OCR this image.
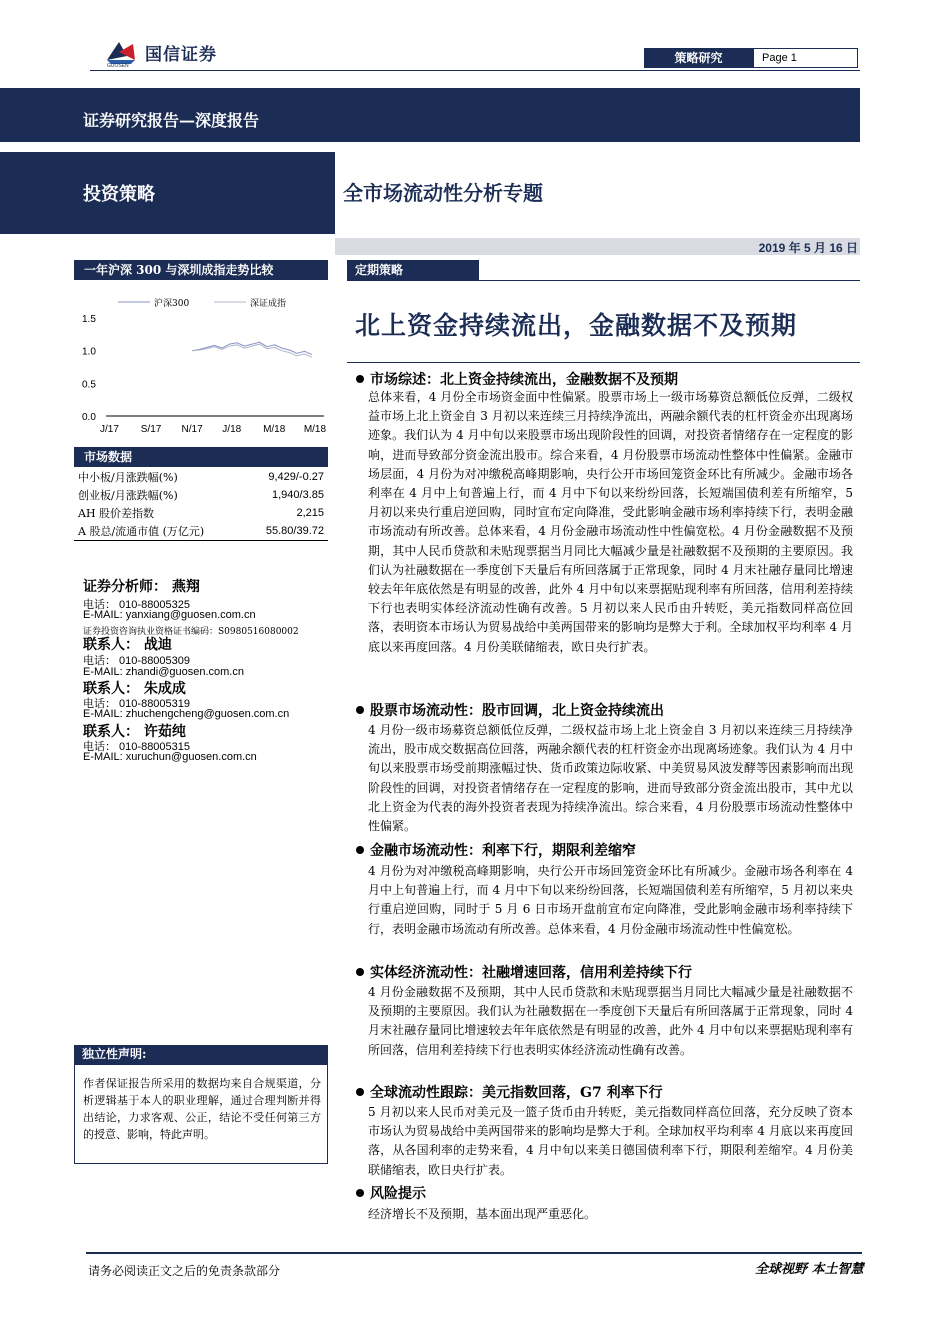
国信证券
GUOSEN
策略研究	Page 1
证券研究报告—深度报告
投资策略	全市场流动性分析专题
2019 年 5 月 16 日
一年沪深 300 与深圳成指走势比较
沪深300	深证成指
0.0
0.5
1.0
1.5
J/17 S/17 N/17 J/18 M/18 M/18
市场数据
中小板/月涨跌幅(%)	9,429/-0.27
创业板/月涨跌幅(%)	1,940/3.85
AH 股价差指数	2,215
A 股总/流通市值 (万亿元)	55.80/39.72
证券分析师： 燕翔
电话： 010-88005325
E-MAIL: yanxiang@guosen.com.cn
证券投资咨询执业资格证书编码：S0980516080002
联系人： 战迪
电话： 010-88005309
E-MAIL: zhandi@guosen.com.cn
联系人： 朱成成
电话： 010-88005319
E-MAIL: zhuchengcheng@guosen.com.cn
联系人： 许茹纯
电话： 010-88005315
E-MAIL: xuruchun@guosen.com.cn
独立性声明:
作者保证报告所采用的数据均来自合规渠道，分析逻辑基于本人的职业理解，通过合理判断并得出结论，力求客观、公正，结论不受任何第三方的授意、影响，特此声明。
定期策略
北上资金持续流出，金融数据不及预期
市场综述：北上资金持续流出，金融数据不及预期
总体来看，4 月份全市场资金面中性偏紧。股票市场上一级市场募资总额低位反弹，二级权益市场上北上资金自 3 月初以来连续三月持续净流出，两融余额代表的杠杆资金亦出现离场迹象。我们认为 4 月中旬以来股票市场出现阶段性的回调，对投资者情绪存在一定程度的影响，进而导致部分资金流出股市。综合来看，4 月份股票市场流动性整体中性偏紧。金融市场层面，4 月份为对冲缴税高峰期影响，央行公开市场回笼资金环比有所减少。金融市场各利率在 4 月中上旬普遍上行，而 4 月中下旬以来纷纷回落，长短端国债利差有所缩窄，5 月初以来央行重启逆回购，同时宣布定向降准，受此影响金融市场利率持续下行，表明金融市场流动有所改善。总体来看，4 月份金融市场流动性中性偏宽松。4 月份金融数据不及预期，其中人民币贷款和未贴现票据当月同比大幅减少量是社融数据不及预期的主要原因。我们认为社融数据在一季度创下天量后有所回落属于正常现象，同时 4 月末社融存量同比增速较去年年底依然是有明显的改善，此外 4 月中旬以来票据贴现利率有所回落，信用利差持续下行也表明实体经济流动性确有改善。5 月初以来人民币由升转贬，美元指数同样高位回落，表明资本市场认为贸易战给中美两国带来的影响均是弊大于利。全球加权平均利率 4 月底以来再度回落。4 月份美联储缩表，欧日央行扩表。
股票市场流动性：股市回调，北上资金持续流出
4 月份一级市场募资总额低位反弹，二级权益市场上北上资金自 3 月初以来连续三月持续净流出，股市成交数据高位回落，两融余额代表的杠杆资金亦出现离场迹象。我们认为 4 月中旬以来股票市场受前期涨幅过快、货币政策边际收紧、中美贸易风波发酵等因素影响而出现阶段性的回调，对投资者情绪存在一定程度的影响，进而导致部分资金流出股市，其中尤以北上资金为代表的海外投资者表现为持续净流出。综合来看，4 月份股票市场流动性整体中性偏紧。
金融市场流动性：利率下行，期限利差缩窄
4 月份为对冲缴税高峰期影响，央行公开市场回笼资金环比有所减少。金融市场各利率在 4 月中上旬普遍上行，而 4 月中下旬以来纷纷回落，长短端国债利差有所缩窄，5 月初以来央行重启逆回购，同时于 5 月 6 日市场开盘前宣布定向降准，受此影响金融市场利率持续下行，表明金融市场流动有所改善。总体来看，4 月份金融市场流动性中性偏宽松。
实体经济流动性：社融增速回落，信用利差持续下行
4 月份金融数据不及预期，其中人民币贷款和未贴现票据当月同比大幅减少量是社融数据不及预期的主要原因。我们认为社融数据在一季度创下天量后有所回落属于正常现象，同时 4 月末社融存量同比增速较去年年底依然是有明显的改善，此外 4 月中旬以来票据贴现利率有所回落，信用利差持续下行也表明实体经济流动性确有改善。
全球流动性跟踪：美元指数回落，G7 利率下行
5 月初以来人民币对美元及一篮子货币由升转贬，美元指数同样高位回落，充分反映了资本市场认为贸易战给中美两国带来的影响均是弊大于利。全球加权平均利率 4 月底以来再度回落，从各国利率的走势来看，4 月中旬以来美日德国债利率下行，期限利差缩窄。4 月份美联储缩表，欧日央行扩表。
风险提示
经济增长不及预期，基本面出现严重恶化。
请务必阅读正文之后的免责条款部分	全球视野 本土智慧
